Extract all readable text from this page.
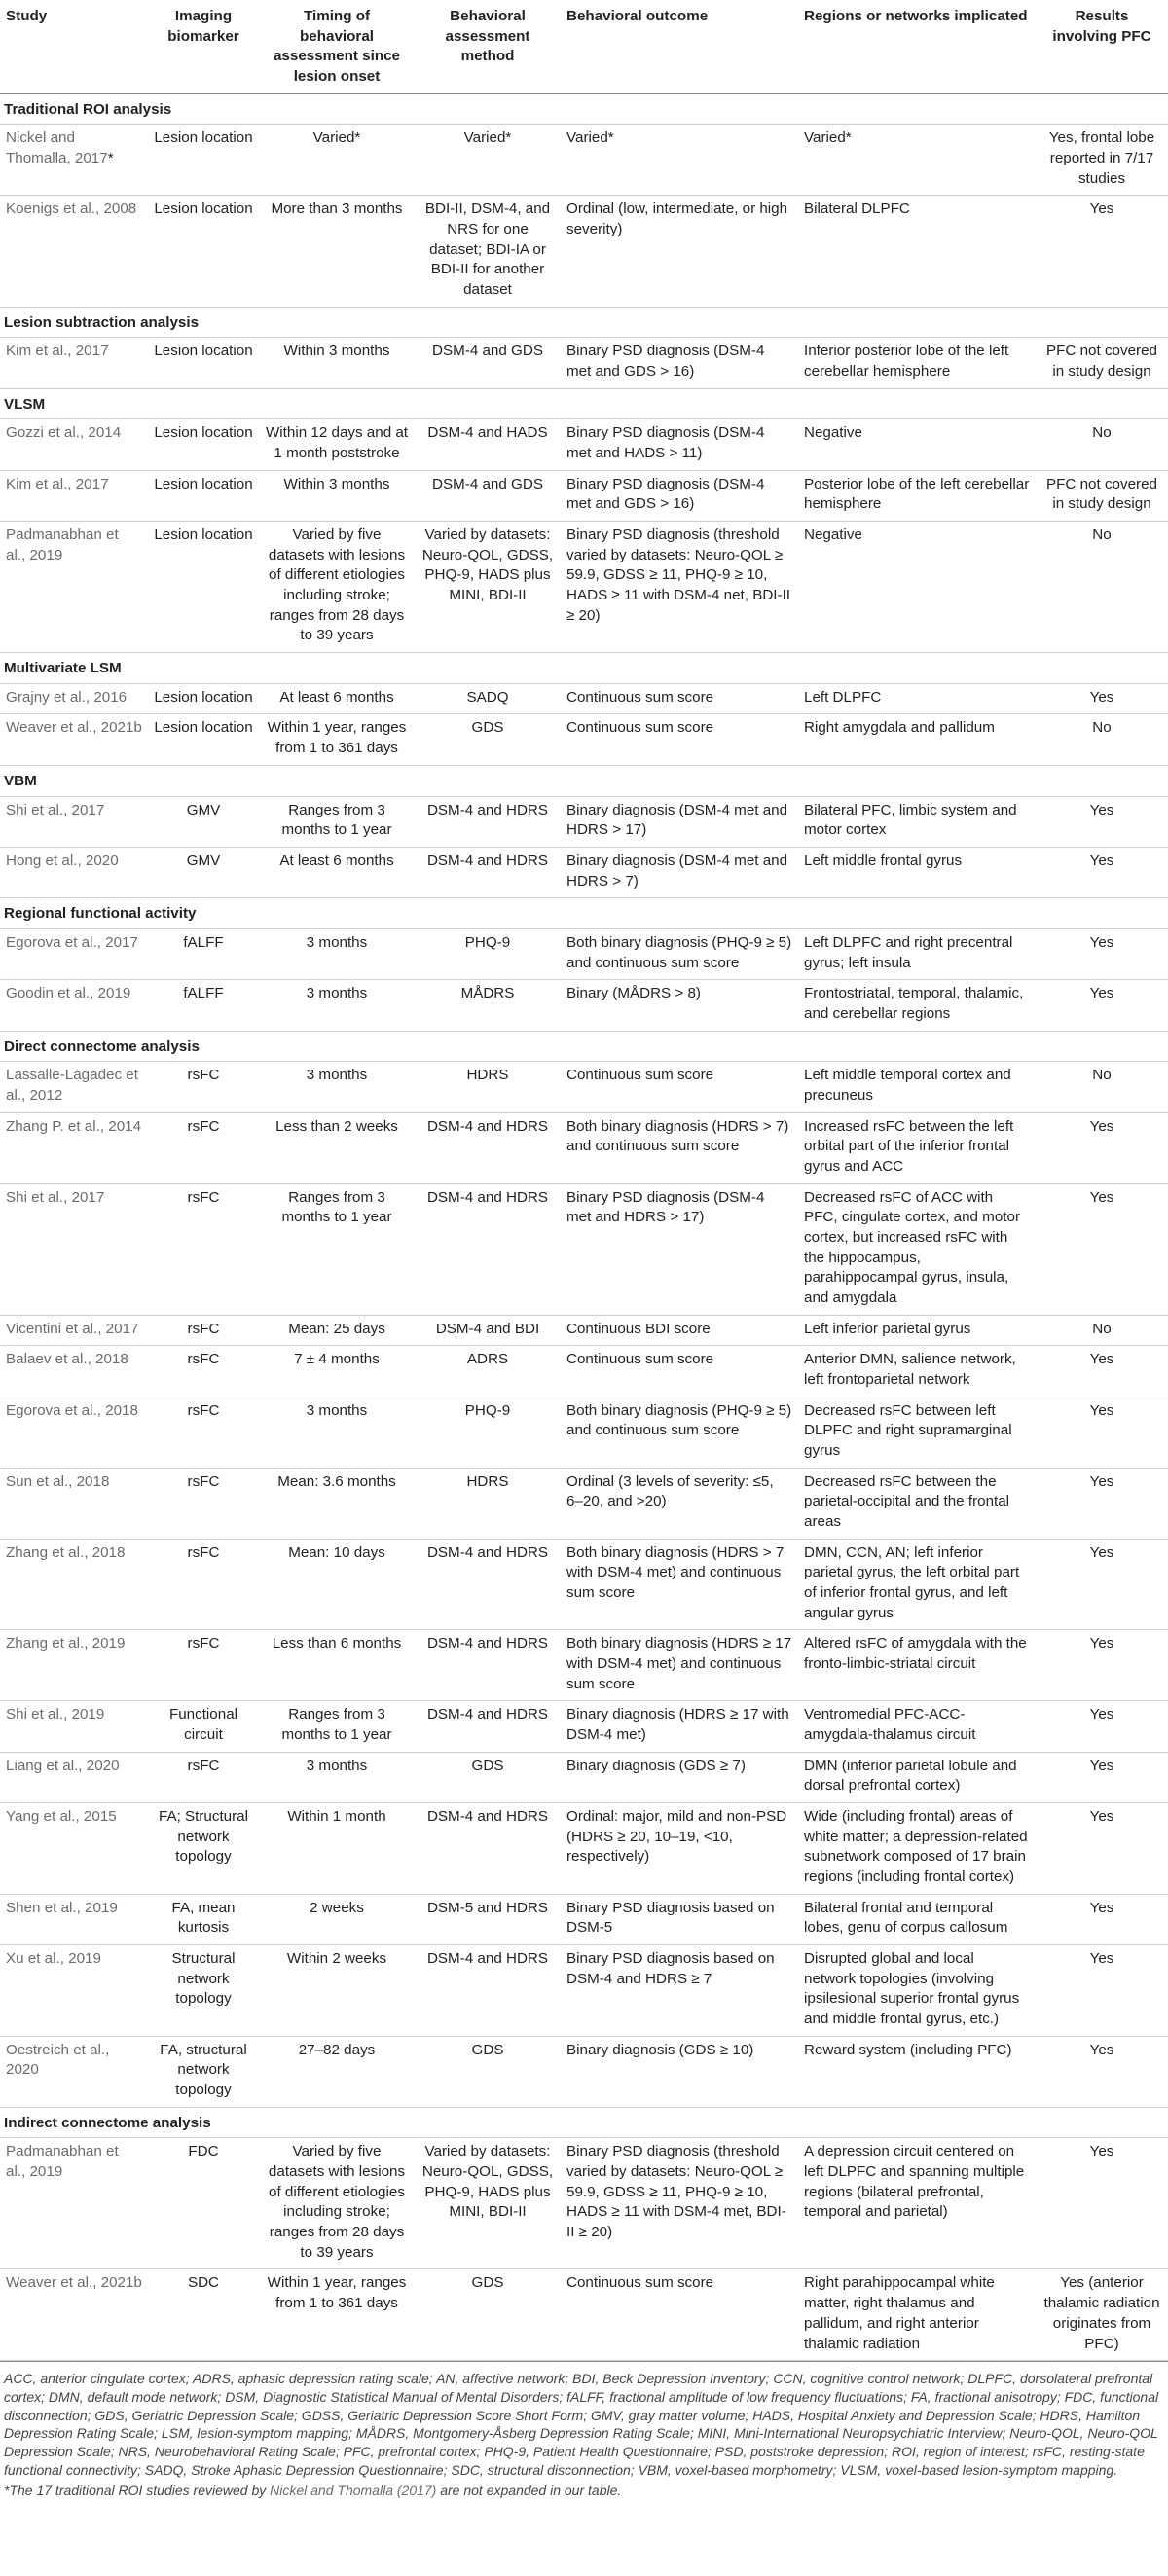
Study	Imaging biomarker	Timing of behavioral assessment since lesion onset	Behavioral assessment method	Behavioral outcome	Regions or networks implicated	Results involving PFC
Traditional ROI analysis						
Nickel and Thomalla, 2017*	Lesion location	Varied*	Varied*	Varied*	Varied*	Yes, frontal lobe reported in 7/17 studies
Koenigs et al., 2008	Lesion location	More than 3 months	BDI-II, DSM-4, and NRS for one dataset; BDI-IA or BDI-II for another dataset	Ordinal (low, intermediate, or high severity)	Bilateral DLPFC	Yes
Lesion subtraction analysis						
Kim et al., 2017	Lesion location	Within 3 months	DSM-4 and GDS	Binary PSD diagnosis (DSM-4 met and GDS > 16)	Inferior posterior lobe of the left cerebellar hemisphere	PFC not covered in study design
VLSM						
Gozzi et al., 2014	Lesion location	Within 12 days and at 1 month poststroke	DSM-4 and HADS	Binary PSD diagnosis (DSM-4 met and HADS > 11)	Negative	No
Kim et al., 2017	Lesion location	Within 3 months	DSM-4 and GDS	Binary PSD diagnosis (DSM-4 met and GDS > 16)	Posterior lobe of the left cerebellar hemisphere	PFC not covered in study design
Padmanabhan et al., 2019	Lesion location	Varied by five datasets with lesions of different etiologies including stroke; ranges from 28 days to 39 years	Varied by datasets: Neuro-QOL, GDSS, PHQ-9, HADS plus MINI, BDI-II	Binary PSD diagnosis (threshold varied by datasets: Neuro-QOL ≥ 59.9, GDSS ≥ 11, PHQ-9 ≥ 10, HADS ≥ 11 with DSM-4 net, BDI-II ≥ 20)	Negative	No
Multivariate LSM						
Grajny et al., 2016	Lesion location	At least 6 months	SADQ	Continuous sum score	Left DLPFC	Yes
Weaver et al., 2021b	Lesion location	Within 1 year, ranges from 1 to 361 days	GDS	Continuous sum score	Right amygdala and pallidum	No
VBM						
Shi et al., 2017	GMV	Ranges from 3 months to 1 year	DSM-4 and HDRS	Binary diagnosis (DSM-4 met and HDRS > 17)	Bilateral PFC, limbic system and motor cortex	Yes
Hong et al., 2020	GMV	At least 6 months	DSM-4 and HDRS	Binary diagnosis (DSM-4 met and HDRS > 7)	Left middle frontal gyrus	Yes
Regional functional activity						
Egorova et al., 2017	fALFF	3 months	PHQ-9	Both binary diagnosis (PHQ-9 ≥ 5) and continuous sum score	Left DLPFC and right precentral gyrus; left insula	Yes
Goodin et al., 2019	fALFF	3 months	MÅDRS	Binary (MÅDRS > 8)	Frontostriatal, temporal, thalamic, and cerebellar regions	Yes
Direct connectome analysis						
Lassalle-Lagadec et al., 2012	rsFC	3 months	HDRS	Continuous sum score	Left middle temporal cortex and precuneus	No
Zhang P. et al., 2014	rsFC	Less than 2 weeks	DSM-4 and HDRS	Both binary diagnosis (HDRS > 7) and continuous sum score	Increased rsFC between the left orbital part of the inferior frontal gyrus and ACC	Yes
Shi et al., 2017	rsFC	Ranges from 3 months to 1 year	DSM-4 and HDRS	Binary PSD diagnosis (DSM-4 met and HDRS > 17)	Decreased rsFC of ACC with PFC, cingulate cortex, and motor cortex, but increased rsFC with the hippocampus, parahippocampal gyrus, insula, and amygdala	Yes
Vicentini et al., 2017	rsFC	Mean: 25 days	DSM-4 and BDI	Continuous BDI score	Left inferior parietal gyrus	No
Balaev et al., 2018	rsFC	7 ± 4 months	ADRS	Continuous sum score	Anterior DMN, salience network, left frontoparietal network	Yes
Egorova et al., 2018	rsFC	3 months	PHQ-9	Both binary diagnosis (PHQ-9 ≥ 5) and continuous sum score	Decreased rsFC between left DLPFC and right supramarginal gyrus	Yes
Sun et al., 2018	rsFC	Mean: 3.6 months	HDRS	Ordinal (3 levels of severity: ≤5, 6–20, and >20)	Decreased rsFC between the parietal-occipital and the frontal areas	Yes
Zhang et al., 2018	rsFC	Mean: 10 days	DSM-4 and HDRS	Both binary diagnosis (HDRS > 7 with DSM-4 met) and continuous sum score	DMN, CCN, AN; left inferior parietal gyrus, the left orbital part of inferior frontal gyrus, and left angular gyrus	Yes
Zhang et al., 2019	rsFC	Less than 6 months	DSM-4 and HDRS	Both binary diagnosis (HDRS ≥ 17 with DSM-4 met) and continuous sum score	Altered rsFC of amygdala with the fronto-limbic-striatal circuit	Yes
Shi et al., 2019	Functional circuit	Ranges from 3 months to 1 year	DSM-4 and HDRS	Binary diagnosis (HDRS ≥ 17 with DSM-4 met)	Ventromedial PFC-ACC-amygdala-thalamus circuit	Yes
Liang et al., 2020	rsFC	3 months	GDS	Binary diagnosis (GDS ≥ 7)	DMN (inferior parietal lobule and dorsal prefrontal cortex)	Yes
Yang et al., 2015	FA; Structural network topology	Within 1 month	DSM-4 and HDRS	Ordinal: major, mild and non-PSD (HDRS ≥ 20, 10–19, <10, respectively)	Wide (including frontal) areas of white matter; a depression-related subnetwork composed of 17 brain regions (including frontal cortex)	Yes
Shen et al., 2019	FA, mean kurtosis	2 weeks	DSM-5 and HDRS	Binary PSD diagnosis based on DSM-5	Bilateral frontal and temporal lobes, genu of corpus callosum	Yes
Xu et al., 2019	Structural network topology	Within 2 weeks	DSM-4 and HDRS	Binary PSD diagnosis based on DSM-4 and HDRS ≥ 7	Disrupted global and local network topologies (involving ipsilesional superior frontal gyrus and middle frontal gyrus, etc.)	Yes
Oestreich et al., 2020	FA, structural network topology	27–82 days	GDS	Binary diagnosis (GDS ≥ 10)	Reward system (including PFC)	Yes
Indirect connectome analysis						
Padmanabhan et al., 2019	FDC	Varied by five datasets with lesions of different etiologies including stroke; ranges from 28 days to 39 years	Varied by datasets: Neuro-QOL, GDSS, PHQ-9, HADS plus MINI, BDI-II	Binary PSD diagnosis (threshold varied by datasets: Neuro-QOL ≥ 59.9, GDSS ≥ 11, PHQ-9 ≥ 10, HADS ≥ 11 with DSM-4 met, BDI-II ≥ 20)	A depression circuit centered on left DLPFC and spanning multiple regions (bilateral prefrontal, temporal and parietal)	Yes
Weaver et al., 2021b	SDC	Within 1 year, ranges from 1 to 361 days	GDS	Continuous sum score	Right parahippocampal white matter, right thalamus and pallidum, and right anterior thalamic radiation	Yes (anterior thalamic radiation originates from PFC)

ACC, anterior cingulate cortex; ADRS, aphasic depression rating scale; AN, affective network; BDI, Beck Depression Inventory; CCN, cognitive control network; DLPFC, dorsolateral prefrontal cortex; DMN, default mode network; DSM, Diagnostic Statistical Manual of Mental Disorders; fALFF, fractional amplitude of low frequency fluctuations; FA, fractional anisotropy; FDC, functional disconnection; GDS, Geriatric Depression Scale; GDSS, Geriatric Depression Score Short Form; GMV, gray matter volume; HADS, Hospital Anxiety and Depression Scale; HDRS, Hamilton Depression Rating Scale; LSM, lesion-symptom mapping; MÅDRS, Montgomery-Åsberg Depression Rating Scale; MINI, Mini-International Neuropsychiatric Interview; Neuro-QOL, Neuro-QOL Depression Scale; NRS, Neurobehavioral Rating Scale; PFC, prefrontal cortex; PHQ-9, Patient Health Questionnaire; PSD, poststroke depression; ROI, region of interest; rsFC, resting-state functional connectivity; SADQ, Stroke Aphasic Depression Questionnaire; SDC, structural disconnection; VBM, voxel-based morphometry; VLSM, voxel-based lesion-symptom mapping.

*The 17 traditional ROI studies reviewed by Nickel and Thomalla (2017) are not expanded in our table.
